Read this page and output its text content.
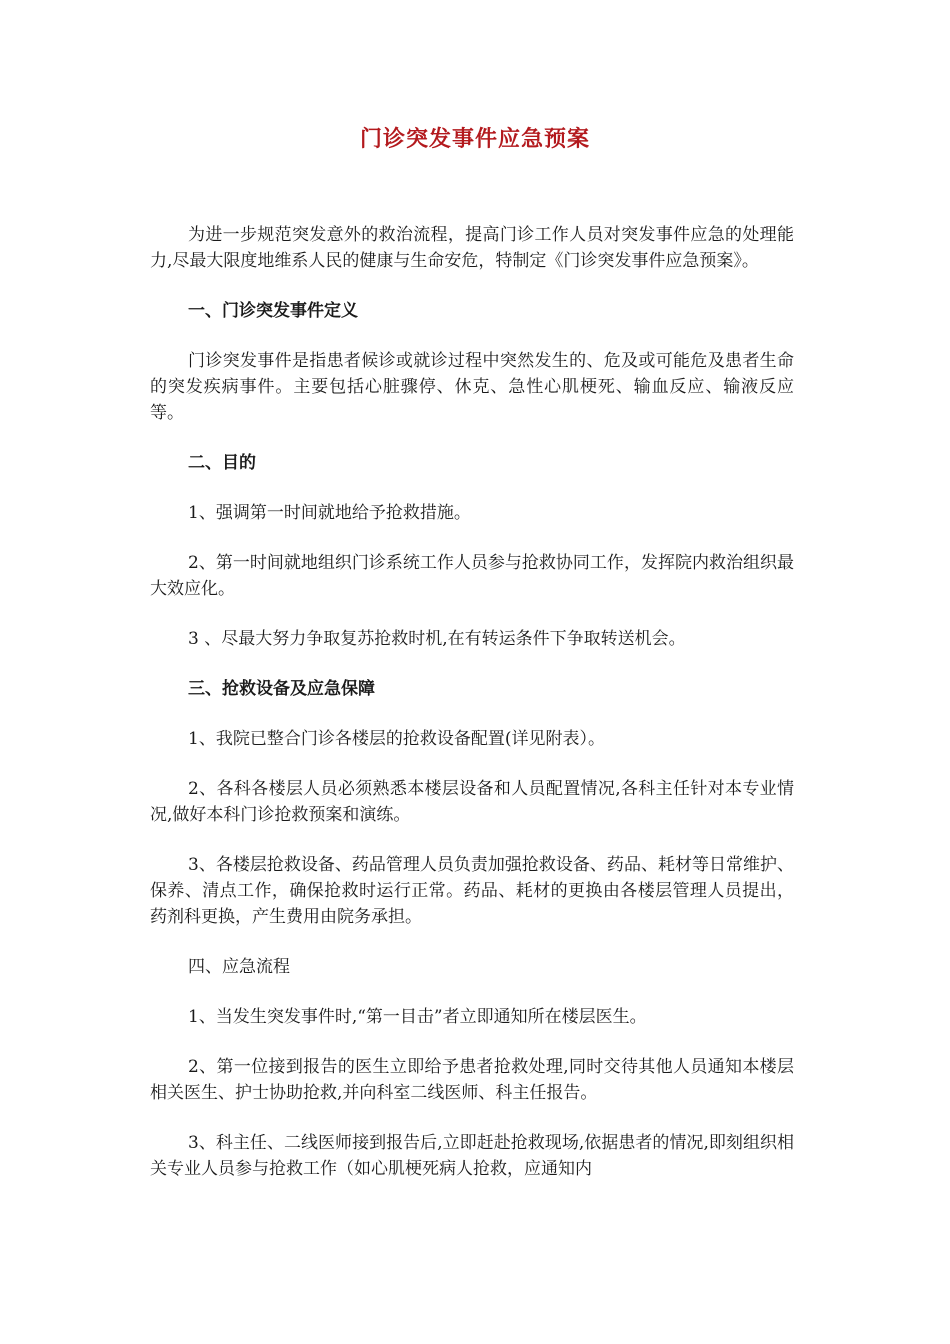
门诊突发事件应急预案

为进一步规范突发意外的救治流程，提高门诊工作人员对突发事件应急的处理能力,尽最大限度地维系人民的健康与生命安危，特制定《门诊突发事件应急预案》。

一、门诊突发事件定义

门诊突发事件是指患者候诊或就诊过程中突然发生的、危及或可能危及患者生命的突发疾病事件。主要包括心脏骤停、休克、急性心肌梗死、输血反应、输液反应等。

二、目的

1、强调第一时间就地给予抢救措施。

2、第一时间就地组织门诊系统工作人员参与抢救协同工作，发挥院内救治组织最大效应化。

3 、尽最大努力争取复苏抢救时机,在有转运条件下争取转送机会。

三、抢救设备及应急保障

1、我院已整合门诊各楼层的抢救设备配置(详见附表）。

2、各科各楼层人员必须熟悉本楼层设备和人员配置情况,各科主任针对本专业情况,做好本科门诊抢救预案和演练。

3、各楼层抢救设备、药品管理人员负责加强抢救设备、药品、耗材等日常维护、保养、清点工作，确保抢救时运行正常。药品、耗材的更换由各楼层管理人员提出，药剂科更换，产生费用由院务承担。

四、应急流程

1、当发生突发事件时,“第一目击”者立即通知所在楼层医生。

2、第一位接到报告的医生立即给予患者抢救处理,同时交待其他人员通知本楼层相关医生、护士协助抢救,并向科室二线医师、科主任报告。

3、科主任、二线医师接到报告后,立即赶赴抢救现场,依据患者的情况,即刻组织相关专业人员参与抢救工作（如心肌梗死病人抢救，应通知内
